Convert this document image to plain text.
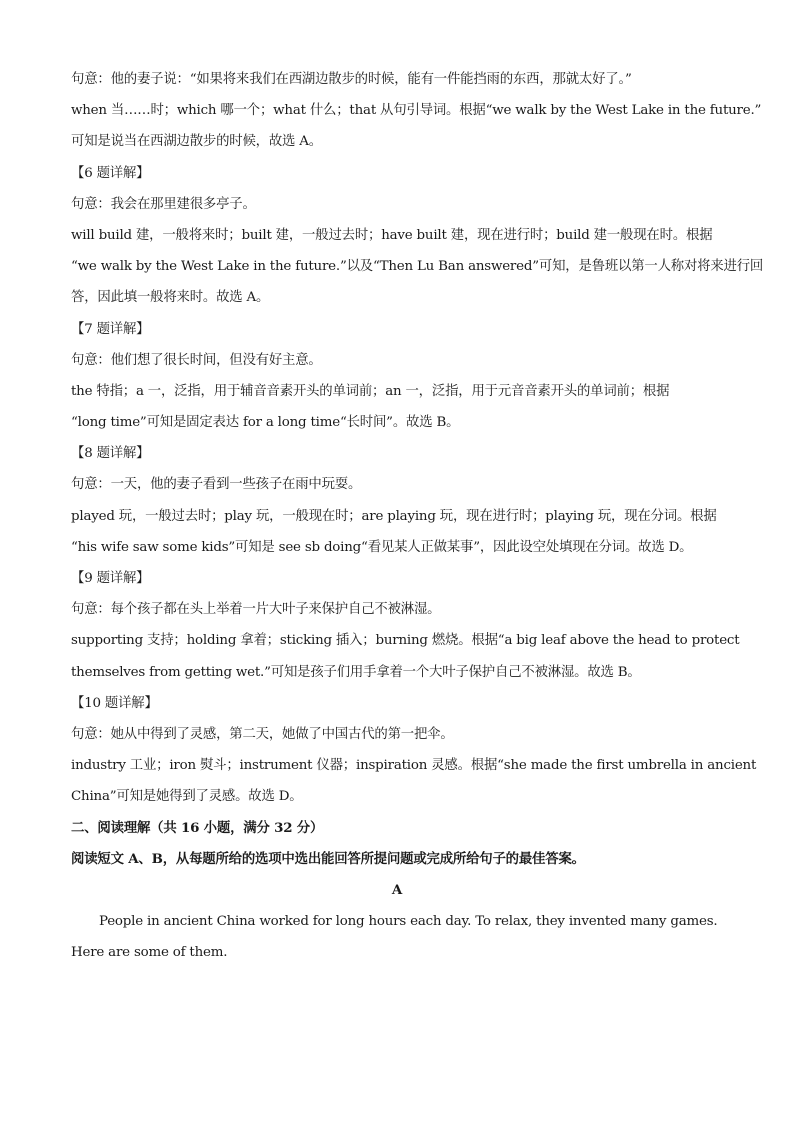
句意：他的妻子说：“如果将来我们在西湖边散步的时候，能有一件能挡雨的东西，那就太好了。”
when 当……时；which 哪一个；what 什么；that 从句引导词。根据“we walk by the West Lake in the future.”
可知是说当在西湖边散步的时候，故选 A。
【6 题详解】
句意：我会在那里建很多亭子。
will build 建，一般将来时；built 建，一般过去时；have built 建，现在进行时；build 建一般现在时。根据
“we walk by the West Lake in the future.”以及“Then Lu Ban answered”可知，是鲁班以第一人称对将来进行回
答，因此填一般将来时。故选 A。
【7 题详解】
句意：他们想了很长时间，但没有好主意。
the 特指；a 一，泛指，用于辅音音素开头的单词前；an 一，泛指，用于元音音素开头的单词前；根据
“long time”可知是固定表达 for a long time“长时间”。故选 B。
【8 题详解】
句意：一天，他的妻子看到一些孩子在雨中玩耍。
played 玩，一般过去时；play 玩，一般现在时；are playing 玩，现在进行时；playing 玩，现在分词。根据
“his wife saw some kids”可知是 see sb doing“看见某人正做某事”，因此设空处填现在分词。故选 D。
【9 题详解】
句意：每个孩子都在头上举着一片大叶子来保护自己不被淋湿。
supporting 支持；holding 拿着；sticking 插入；burning 燃烧。根据“a big leaf above the head to protect
themselves from getting wet.”可知是孩子们用手拿着一个大叶子保护自己不被淋湿。故选 B。
【10 题详解】
句意：她从中得到了灵感，第二天，她做了中国古代的第一把伞。
industry 工业；iron 熨斗；instrument 仪器；inspiration 灵感。根据“she made the first umbrella in ancient
China”可知是她得到了灵感。故选 D。
二、阅读理解（共 16 小题，满分 32 分）
阅读短文 A、B，从每题所给的选项中选出能回答所提问题或完成所给句子的最佳答案。
A
People in ancient China worked for long hours each day. To relax, they invented many games. Here are some of them.
